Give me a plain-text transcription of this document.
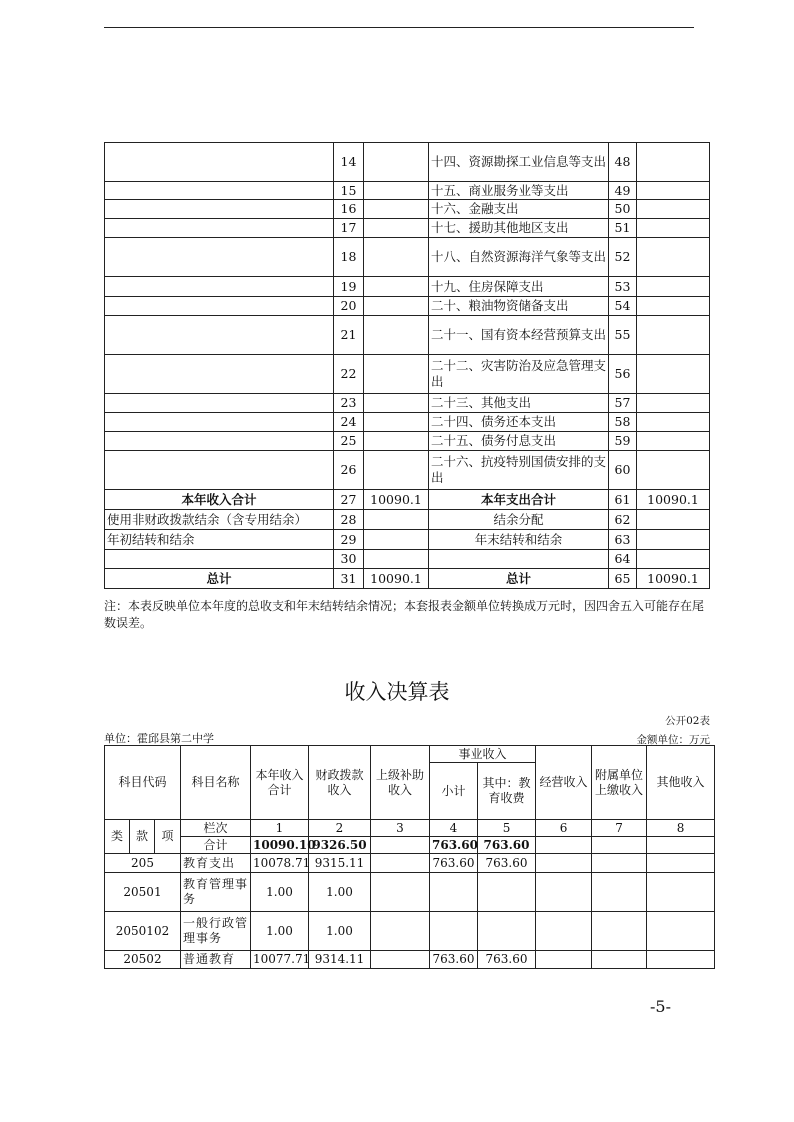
	14		十四、资源勘探工业信息等支出	48	
	15		十五、商业服务业等支出	49	
	16		十六、金融支出	50	
	17		十七、援助其他地区支出	51	
	18		十八、自然资源海洋气象等支出	52	
	19		十九、住房保障支出	53	
	20		二十、粮油物资储备支出	54	
	21		二十一、国有资本经营预算支出	55	
	22		二十二、灾害防治及应急管理支出	56	
	23		二十三、其他支出	57	
	24		二十四、债务还本支出	58	
	25		二十五、债务付息支出	59	
	26		二十六、抗疫特别国债安排的支出	60	
本年收入合计	27	10090.1	本年支出合计	61	10090.1
使用非财政拨款结余（含专用结余）	28		结余分配	62	
年初结转和结余	29		年末结转和结余	63	
	30			64	
总计	31	10090.1	总计	65	10090.1
注：本表反映单位本年度的总收支和年末结转结余情况；本套报表金额单位转换成万元时，因四舍五入可能存在尾数误差。
收入决算表
公开02表
单位：霍邱县第二中学	金额单位：万元
科目代码			科目名称	本年收入合计	财政拨款收入	上级补助收入	事业收入		经营收入	附属单位上缴收入	其他收入
							小计	其中：教育收费			
类	款	项	栏次	1	2	3	4	5	6	7	8
			合计	10090.10	9326.50		763.60	763.60			
205			教育支出	10078.71	9315.11		763.60	763.60			
20501			教育管理事务	1.00	1.00						
2050102			一般行政管理事务	1.00	1.00						
20502			普通教育	10077.71	9314.11		763.60	763.60			
-5-
